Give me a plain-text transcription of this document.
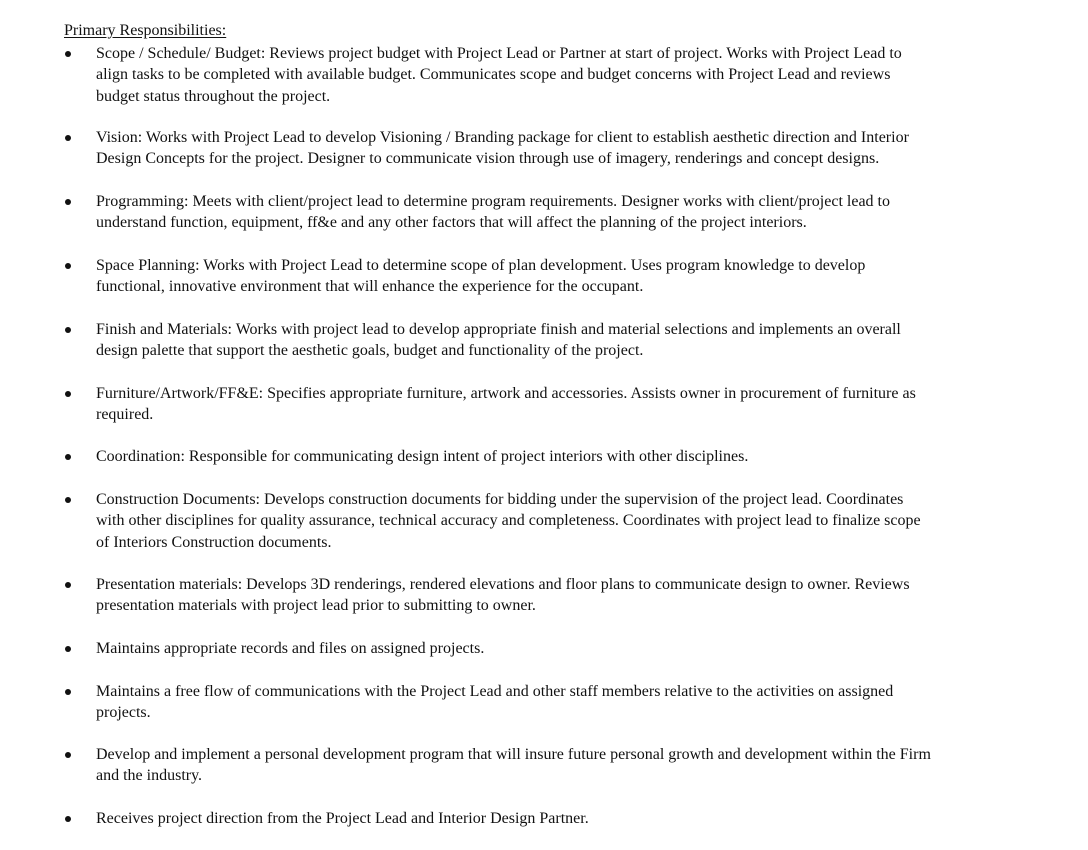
Primary Responsibilities:
Scope / Schedule/ Budget: Reviews project budget with Project Lead or Partner at start of project. Works with Project Lead to
align tasks to be completed with available budget. Communicates scope and budget concerns with Project Lead and reviews
budget status throughout the project.
Vision: Works with Project Lead to develop Visioning / Branding package for client to establish aesthetic direction and Interior
Design Concepts for the project. Designer to communicate vision through use of imagery, renderings and concept designs.
Programming: Meets with client/project lead to determine program requirements. Designer works with client/project lead to
understand function, equipment, ff&e and any other factors that will affect the planning of the project interiors.
Space Planning: Works with Project Lead to determine scope of plan development. Uses program knowledge to develop
functional, innovative environment that will enhance the experience for the occupant.
Finish and Materials: Works with project lead to develop appropriate finish and material selections and implements an overall
design palette that support the aesthetic goals, budget and functionality of the project.
Furniture/Artwork/FF&E: Specifies appropriate furniture, artwork and accessories. Assists owner in procurement of furniture as
required.
Coordination: Responsible for communicating design intent of project interiors with other disciplines.
Construction Documents: Develops construction documents for bidding under the supervision of the project lead. Coordinates
with other disciplines for quality assurance, technical accuracy and completeness. Coordinates with project lead to finalize scope
of Interiors Construction documents.
Presentation materials: Develops 3D renderings, rendered elevations and floor plans to communicate design to owner. Reviews
presentation materials with project lead prior to submitting to owner.
Maintains appropriate records and files on assigned projects.
Maintains a free flow of communications with the Project Lead and other staff members relative to the activities on assigned
projects.
Develop and implement a personal development program that will insure future personal growth and development within the Firm
and the industry.
Receives project direction from the Project Lead and Interior Design Partner.
